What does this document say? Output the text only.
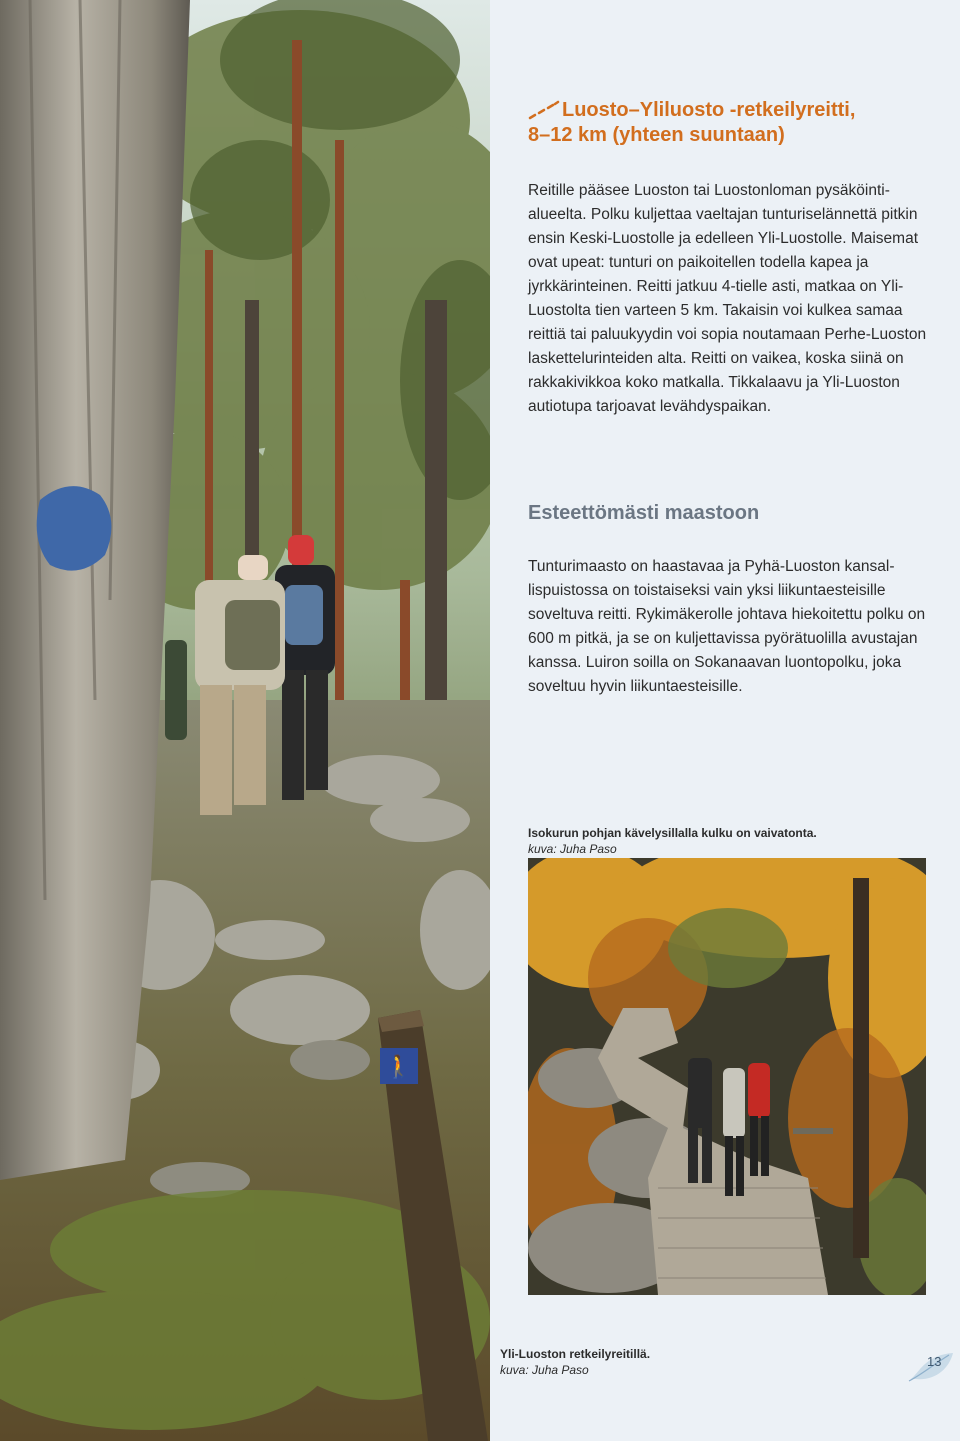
🚶
Luosto–Yliluosto -retkeilyreitti,
8–12 km (yhteen suuntaan)

Reitille pääsee Luoston tai Luostonloman pysäköintialueelta. Polku kuljettaa vaeltajan tunturiselännettä pitkin ensin Keski-Luostolle ja edelleen Yli-Luostolle. Maisemat ovat upeat: tunturi on paikoitellen todella kapea ja jyrkkärinteinen. Reitti jatkuu 4-tielle asti, matkaa on Yli-Luostolta tien varteen 5 km. Takaisin voi kulkea samaa reittiä tai paluukyydin voi sopia noutamaan Perhe-Luoston laskettelurinteiden alta. Reitti on vaikea, koska siinä on rakkakivikkoa koko matkalla. Tikkalaavu ja Yli-Luoston autiotupa tarjoavat levähdyspaikan.

Esteettömästi maastoon

Tunturimaasto on haastavaa ja Pyhä-Luoston kansallispuistossa on toistaiseksi vain yksi liikuntaesteisille soveltuva reitti. Rykimäkerolle johtava hiekoitettu polku on 600 m pitkä, ja se on kuljettavissa pyörätuolilla avustajan kanssa. Luiron soilla on Sokanaavan luontopolku, joka soveltuu hyvin liikuntaesteisille.

Isokurun pohjan kävelysillalla kulku on vaivatonta.
kuva: Juha Paso

Yli-Luoston retkeilyreitillä.
kuva: Juha Paso

13
